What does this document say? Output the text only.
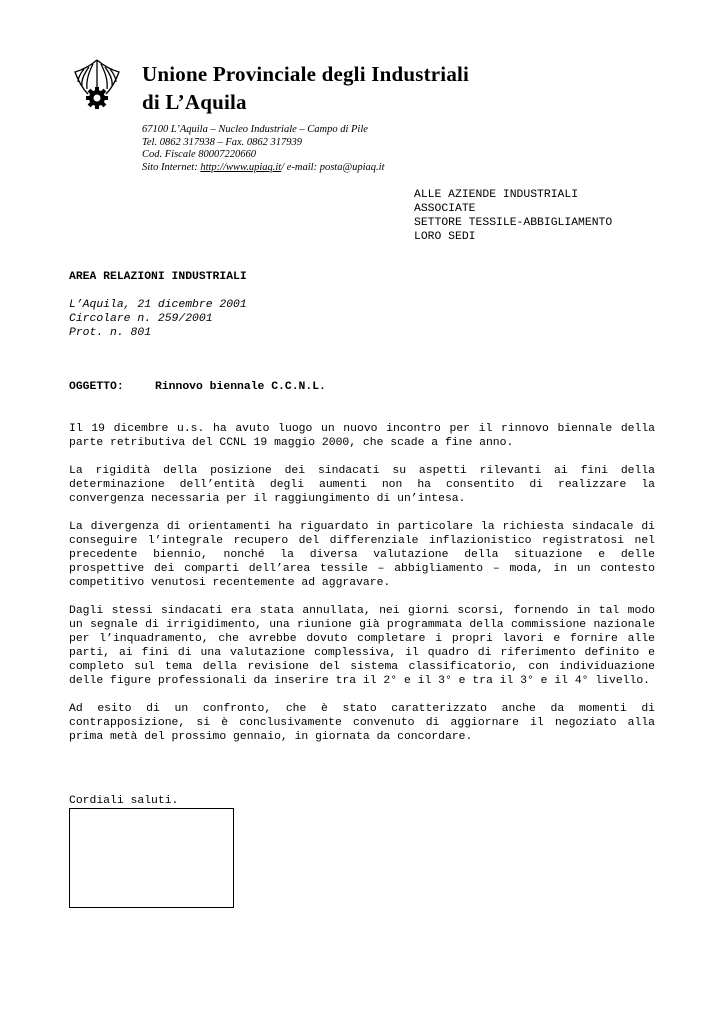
Unione Provinciale degli Industriali
di L’Aquila
67100 L’Aquila – Nucleo Industriale – Campo di Pile
Tel. 0862 317938 – Fax. 0862 317939
Cod. Fiscale 80007220660
Sito Internet: http://www.upiaq.it/ e-mail: posta@upiaq.it
ALLE AZIENDE INDUSTRIALI
ASSOCIATE
SETTORE TESSILE-ABBIGLIAMENTO
LORO SEDI
AREA RELAZIONI INDUSTRIALI
L’Aquila, 21 dicembre 2001
Circolare n. 259/2001
Prot. n. 801
OGGETTO:	Rinnovo biennale C.C.N.L.

Il 19 dicembre u.s. ha avuto luogo un nuovo incontro per il rinnovo biennale della parte retributiva del CCNL 19 maggio 2000, che scade a fine anno.

La rigidità della posizione dei sindacati su aspetti rilevanti ai fini della determinazione dell’entità degli aumenti non ha consentito di realizzare la convergenza necessaria per il raggiungimento di un’intesa.

La divergenza di orientamenti ha riguardato in particolare la richiesta sindacale di conseguire l’integrale recupero del differenziale inflazionistico registratosi nel precedente biennio, nonché la diversa valutazione della situazione e delle prospettive dei comparti dell’area tessile – abbigliamento – moda, in un contesto competitivo venutosi recentemente ad aggravare.

Dagli stessi sindacati era stata annullata, nei giorni scorsi, fornendo in tal modo un segnale di irrigidimento, una riunione già programmata della commissione nazionale per l’inquadramento, che avrebbe dovuto completare i propri lavori e fornire alle parti, ai fini di una valutazione complessiva, il quadro di riferimento definito e completo sul tema della revisione del sistema classificatorio, con individuazione delle figure professionali da inserire tra il 2° e il 3° e tra il 3° e il 4° livello.

Ad esito di un confronto, che è stato caratterizzato anche da momenti di contrapposizione, si è conclusivamente convenuto di aggiornare il negoziato alla prima metà del prossimo gennaio, in giornata da concordare.

Cordiali saluti.
